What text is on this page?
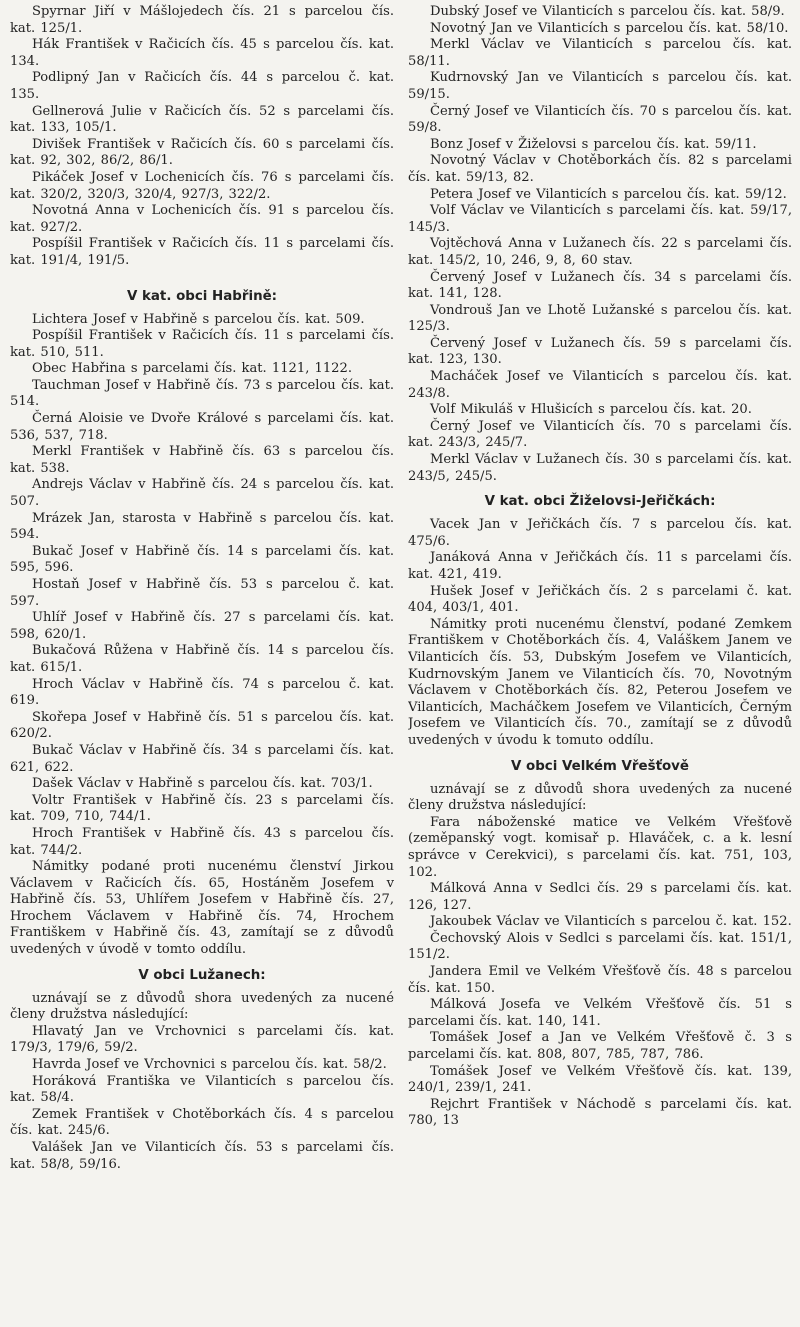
Spyrnar Jiří v Mášlojedech čís. 21 s parcelou čís. kat. 125/1.

Hák František v Račicích čís. 45 s parcelou čís. kat. 134.

Podlipný Jan v Račicích čís. 44 s parcelou č. kat. 135.

Gellnerová Julie v Račicích čís. 52 s parcelami čís. kat. 133, 105/1.

Divišek František v Račicích čís. 60 s parcelami čís. kat. 92, 302, 86/2, 86/1.

Pikáček Josef v Lochenicích čís. 76 s parcelami čís. kat. 320/2, 320/3, 320/4, 927/3, 322/2.

Novotná Anna v Lochenicích čís. 91 s parcelou čís. kat. 927/2.

Pospíšil František v Račicích čís. 11 s parcelami čís. kat. 191/4, 191/5.

V kat. obci Habřině:

Lichtera Josef v Habřině s parcelou čís. kat. 509.

Pospíšil František v Račicích čís. 11 s parcelami čís. kat. 510, 511.

Obec Habřina s parcelami čís. kat. 1121, 1122.

Tauchman Josef v Habřině čís. 73 s parcelou čís. kat. 514.

Černá Aloisie ve Dvoře Králové s parcelami čís. kat. 536, 537, 718.

Merkl František v Habřině čís. 63 s parcelou čís. kat. 538.

Andrejs Václav v Habřině čís. 24 s parcelou čís. kat. 507.

Mrázek Jan, starosta v Habřině s parcelou čís. kat. 594.

Bukač Josef v Habřině čís. 14 s parcelami čís. kat. 595, 596.

Hostaň Josef v Habřině čís. 53 s parcelou č. kat. 597.

Uhlíř Josef v Habřině čís. 27 s parcelami čís. kat. 598, 620/1.

Bukačová Růžena v Habřině čís. 14 s parcelou čís. kat. 615/1.

Hroch Václav v Habřině čís. 74 s parcelou č. kat. 619.

Skořepa Josef v Habřině čís. 51 s parcelou čís. kat. 620/2.

Bukač Václav v Habřině čís. 34 s parcelami čís. kat. 621, 622.

Dašek Václav v Habřině s parcelou čís. kat. 703/1.

Voltr František v Habřině čís. 23 s parcelami čís. kat. 709, 710, 744/1.

Hroch František v Habřině čís. 43 s parcelou čís. kat. 744/2.

Námitky podané proti nucenému členství Jirkou Václavem v Račicích čís. 65, Hostáněm Josefem v Habřině čís. 53, Uhlířem Josefem v Habřině čís. 27, Hrochem Václavem v Habřině čís. 74, Hrochem Františkem v Habřině čís. 43, zamítají se z důvodů uvedených v úvodě v tomto oddílu.

V obci Lužanech:

uznávají se z důvodů shora uvedených za nucené členy družstva následující:

Hlavatý Jan ve Vrchovnici s parcelami čís. kat. 179/3, 179/6, 59/2.

Havrda Josef ve Vrchovnici s parcelou čís. kat. 58/2.

Horáková Františka ve Vilanticích s parcelou čís. kat. 58/4.

Zemek František v Chotěborkách čís. 4 s parcelou čís. kat. 245/6.

Valášek Jan ve Vilanticích čís. 53 s parcelami čís. kat. 58/8, 59/16.

Dubský Josef ve Vilanticích s parcelou čís. kat. 58/9.

Novotný Jan ve Vilanticích s parcelou čís. kat. 58/10.

Merkl Václav ve Vilanticích s parcelou čís. kat. 58/11.

Kudrnovský Jan ve Vilanticích s parcelou čís. kat. 59/15.

Černý Josef ve Vilanticích čís. 70 s parcelou čís. kat. 59/8.

Bonz Josef v Žiželovsi s parcelou čís. kat. 59/11.

Novotný Václav v Chotěborkách čís. 82 s parcelami čís. kat. 59/13, 82.

Petera Josef ve Vilanticích s parcelou čís. kat. 59/12.

Volf Václav ve Vilanticích s parcelami čís. kat. 59/17, 145/3.

Vojtěchová Anna v Lužanech čís. 22 s parcelami čís. kat. 145/2, 10, 246, 9, 8, 60 stav.

Červený Josef v Lužanech čís. 34 s parcelami čís. kat. 141, 128.

Vondrouš Jan ve Lhotě Lužanské s parcelou čís. kat. 125/3.

Červený Josef v Lužanech čís. 59 s parcelami čís. kat. 123, 130.

Macháček Josef ve Vilanticích s parcelou čís. kat. 243/8.

Volf Mikuláš v Hlušicích s parcelou čís. kat. 20.

Černý Josef ve Vilanticích čís. 70 s parcelami čís. kat. 243/3, 245/7.

Merkl Václav v Lužanech čís. 30 s parcelami čís. kat. 243/5, 245/5.

V kat. obci Žiželovsi-Jeřičkách:

Vacek Jan v Jeřičkách čís. 7 s parcelou čís. kat. 475/6.

Janáková Anna v Jeřičkách čís. 11 s parcelami čís. kat. 421, 419.

Hušek Josef v Jeřičkách čís. 2 s parcelami č. kat. 404, 403/1, 401.

Námitky proti nucenému členství, podané Zemkem Františkem v Chotěborkách čís. 4, Valáškem Janem ve Vilanticích čís. 53, Dubským Josefem ve Vilanticích, Kudrnovským Janem ve Vilanticích čís. 70, Novotným Václavem v Chotěborkách čís. 82, Peterou Josefem ve Vilanticích, Macháčkem Josefem ve Vilanticích, Černým Josefem ve Vilanticích čís. 70., zamítají se z důvodů uvedených v úvodu k tomuto oddílu.

V obci Velkém Vřešťově

uznávají se z důvodů shora uvedených za nucené členy družstva následující:

Fara náboženské matice ve Velkém Vřešťově (zeměpanský vogt. komisař p. Hlaváček, c. a k. lesní správce v Cerekvici), s parcelami čís. kat. 751, 103, 102.

Málková Anna v Sedlci čís. 29 s parcelami čís. kat. 126, 127.

Jakoubek Václav ve Vilanticích s parcelou č. kat. 152.

Čechovský Alois v Sedlci s parcelami čís. kat. 151/1, 151/2.

Jandera Emil ve Velkém Vřešťově čís. 48 s parcelou čís. kat. 150.

Málková Josefa ve Velkém Vřešťově čís. 51 s parcelami čís. kat. 140, 141.

Tomášek Josef a Jan ve Velkém Vřešťově č. 3 s parcelami čís. kat. 808, 807, 785, 787, 786.

Tomášek Josef ve Velkém Vřešťově čís. kat. 139, 240/1, 239/1, 241.

Rejchrt František v Náchodě s parcelami čís. kat. 780, 13
